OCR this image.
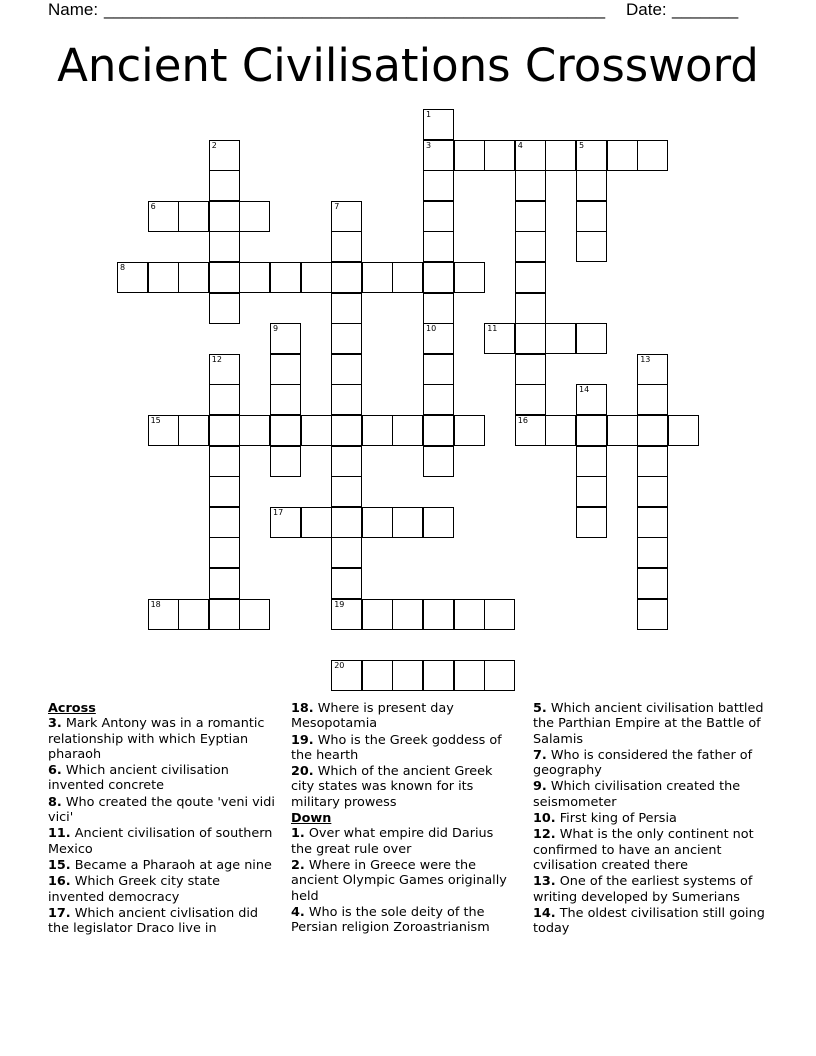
Name: _____________________________________________________	Date: _______
Ancient Civilisations Crossword
3	4	5
6
8
11
15	16
17
18	19
20
1
2
7
9	10
12	13
14
Across
3. Mark Antony was in a romantic relationship with which Eyptian pharaoh
6. Which ancient civilisation invented concrete
8. Who created the qoute 'veni vidi vici'
11. Ancient civilisation of southern Mexico
15. Became a Pharaoh at age nine
16. Which Greek city state invented democracy
17. Which ancient civlisation did the legislator Draco live in
18. Where is present day Mesopotamia
19. Who is the Greek goddess of the hearth
20. Which of the ancient Greek city states was known for its military prowess
Down
1. Over what empire did Darius the great rule over
2. Where in Greece were the ancient Olympic Games originally held
4. Who is the sole deity of the Persian religion Zoroastrianism
5. Which ancient civilisation battled the Parthian Empire at the Battle of Salamis
7. Who is considered the father of geography
9. Which civilisation created the seismometer
10. First king of Persia
12. What is the only continent not confirmed to have an ancient cvilisation created there
13. One of the earliest systems of writing developed by Sumerians
14. The oldest civilisation still going today
